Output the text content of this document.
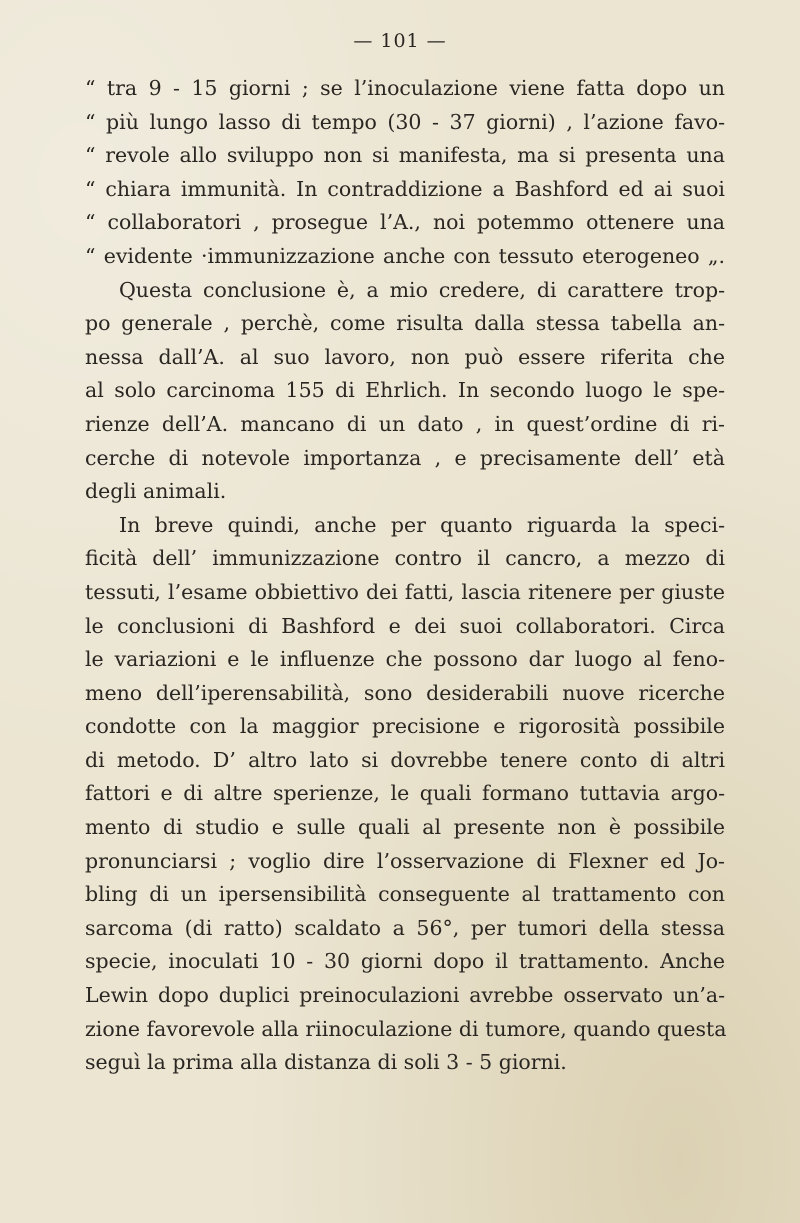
— 101 —
“ tra 9 - 15 giorni ; se l’inoculazione viene fatta dopo un
“ più lungo lasso di tempo (30 - 37 giorni) , l’azione favo-
“ revole allo sviluppo non si manifesta, ma si presenta una
“ chiara immunità. In contraddizione a Bashford ed ai suoi
“ collaboratori , prosegue l’A., noi potemmo ottenere una
“ evidente ·immunizzazione anche con tessuto eterogeneo „.
Questa conclusione è, a mio credere, di carattere trop-
po generale , perchè, come risulta dalla stessa tabella an-
nessa dall’A. al suo lavoro, non può essere riferita che
al solo carcinoma 155 di Ehrlich. In secondo luogo le spe-
rienze dell’A. mancano di un dato , in quest’ordine di ri-
cerche di notevole importanza , e precisamente dell’ età
degli animali.
In breve quindi, anche per quanto riguarda la speci-
ficità dell’ immunizzazione contro il cancro, a mezzo di
tessuti, l’esame obbiettivo dei fatti, lascia ritenere per giuste
le conclusioni di Bashford e dei suoi collaboratori. Circa
le variazioni e le influenze che possono dar luogo al feno-
meno dell’iperensabilità, sono desiderabili nuove ricerche
condotte con la maggior precisione e rigorosità possibile
di metodo. D’ altro lato si dovrebbe tenere conto di altri
fattori e di altre sperienze, le quali formano tuttavia argo-
mento di studio e sulle quali al presente non è possibile
pronunciarsi ; voglio dire l’osservazione di Flexner ed Jo-
bling di un ipersensibilità conseguente al trattamento con
sarcoma (di ratto) scaldato a 56°, per tumori della stessa
specie, inoculati 10 - 30 giorni dopo il trattamento. Anche
Lewin dopo duplici preinoculazioni avrebbe osservato un’a-
zione favorevole alla riinoculazione di tumore, quando questa
seguì la prima alla distanza di soli 3 - 5 giorni.
